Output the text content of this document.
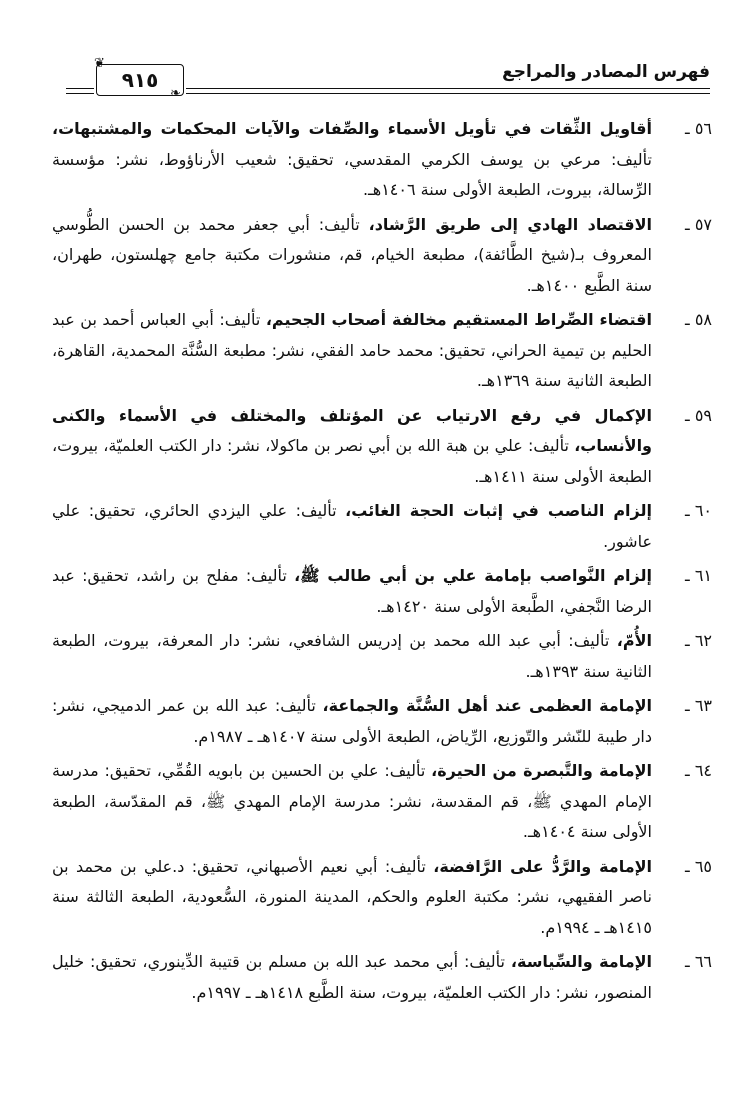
فهرس المصادر والمراجع
❦
❧
٩١٥
٥٦ ـ
أقاويل الثِّقات في تأويل الأسماء والصِّفات والآيات المحكمات والمشتبهات، تأليف: مرعي بن يوسف الكرمي المقدسي، تحقيق: شعيب الأرناؤوط، نشر: مؤسسة الرِّسالة، بيروت، الطبعة الأولى سنة ١٤٠٦هـ.
٥٧ ـ
الاقتصاد الهادي إلى طريق الرَّشاد، تأليف: أبي جعفر محمد بن الحسن الطُّوسي المعروف بـ(شيخ الطَّائفة)، مطبعة الخيام، قم، منشورات مكتبة جامع چهلستون، طهران، سنة الطَّبع ١٤٠٠هـ.
٥٨ ـ
اقتضاء الصِّراط المستقيم مخالفة أصحاب الجحيم، تأليف: أبي العباس أحمد بن عبد الحليم بن تيمية الحراني، تحقيق: محمد حامد الفقي، نشر: مطبعة السُّنَّة المحمدية، القاهرة، الطبعة الثانية سنة ١٣٦٩هـ.
٥٩ ـ
الإكمال في رفع الارتياب عن المؤتلف والمختلف في الأسماء والكنى والأنساب، تأليف: علي بن هبة الله بن أبي نصر بن ماكولا، نشر: دار الكتب العلميّة، بيروت، الطبعة الأولى سنة ١٤١١هـ.
٦٠ ـ
إلزام الناصب في إثبات الحجة الغائب، تأليف: علي اليزدي الحائري، تحقيق: علي عاشور.
٦١ ـ
إلزام النَّواصب بإمامة علي بن أبي طالب ﷺ، تأليف: مفلح بن راشد، تحقيق: عبد الرضا النَّجفي، الطَّبعة الأولى سنة ١٤٢٠هـ.
٦٢ ـ
الأُمّ، تأليف: أبي عبد الله محمد بن إدريس الشافعي، نشر: دار المعرفة، بيروت، الطبعة الثانية سنة ١٣٩٣هـ.
٦٣ ـ
الإمامة العظمى عند أهل السُّنَّة والجماعة، تأليف: عبد الله بن عمر الدميجي، نشر: دار طيبة للنّشر والتّوزيع، الرِّياض، الطبعة الأولى سنة ١٤٠٧هـ ـ ١٩٨٧م.
٦٤ ـ
الإمامة والتَّبصرة من الحيرة، تأليف: علي بن الحسين بن بابويه القُمِّي، تحقيق: مدرسة الإمام المهدي ﷺ، قم المقدسة، نشر: مدرسة الإمام المهدي ﷺ، قم المقدّسة، الطبعة الأولى سنة ١٤٠٤هـ.
٦٥ ـ
الإمامة والرَّدُّ على الرَّافضة، تأليف: أبي نعيم الأصبهاني، تحقيق: د.علي بن محمد بن ناصر الفقيهي، نشر: مكتبة العلوم والحكم، المدينة المنورة، السُّعودية، الطبعة الثالثة سنة ١٤١٥هـ ـ ١٩٩٤م.
٦٦ ـ
الإمامة والسِّياسة، تأليف: أبي محمد عبد الله بن مسلم بن قتيبة الدِّينوري، تحقيق: خليل المنصور، نشر: دار الكتب العلميّة، بيروت، سنة الطَّبع ١٤١٨هـ ـ ١٩٩٧م.
